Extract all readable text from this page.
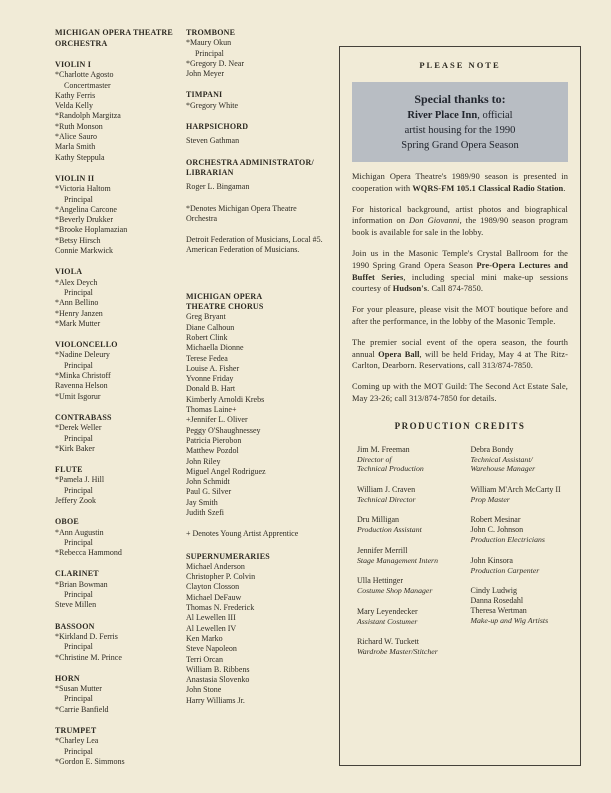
MICHIGAN OPERA THEATRE ORCHESTRA
VIOLIN I
*Charlotte Agosto
Concertmaster
Kathy Ferris
Velda Kelly
*Randolph Margitza
*Ruth Monson
*Alice Sauro
Marla Smith
Kathy Steppula
VIOLIN II
*Victoria Haltom
Principal
*Angelina Carcone
*Beverly Drukker
*Brooke Hoplamazian
*Betsy Hirsch
Connie Markwick
VIOLA
*Alex Deych
Principal
*Ann Bellino
*Henry Janzen
*Mark Mutter
VIOLONCELLO
*Nadine Deleury
Principal
*Minka Christoff
Ravenna Helson
*Umit Isgorur
CONTRABASS
*Derek Weller
Principal
*Kirk Baker
FLUTE
*Pamela J. Hill
Principal
Jeffery Zook
OBOE
*Ann Augustin
Principal
*Rebecca Hammond
CLARINET
*Brian Bowman
Principal
Steve Millen
BASSOON
*Kirkland D. Ferris
Principal
*Christine M. Prince
HORN
*Susan Mutter
Principal
*Carrie Banfield
TRUMPET
*Charley Lea
Principal
*Gordon E. Simmons
TROMBONE
*Maury Okun
Principal
*Gregory D. Near
John Meyer
TIMPANI
*Gregory White
HARPSICHORD
Steven Gathman
ORCHESTRA ADMINISTRATOR/ LIBRARIAN
Roger L. Bingaman
*Denotes Michigan Opera Theatre Orchestra
Detroit Federation of Musicians, Local #5. American Federation of Musicians.
MICHIGAN OPERA THEATRE CHORUS
Greg Bryant
Diane Calhoun
Robert Clink
Michaella Dionne
Terese Fedea
Louise A. Fisher
Yvonne Friday
Donald B. Hart
Kimberly Arnoldi Krebs
Thomas Laine+
+Jennifer L. Oliver
Peggy O'Shaughnessey
Patricia Pierobon
Matthew Pozdol
John Riley
Miguel Angel Rodriguez
John Schmidt
Paul G. Silver
Jay Smith
Judith Szefi
+ Denotes Young Artist Apprentice
SUPERNUMERARIES
Michael Anderson
Christopher P. Colvin
Clayton Closson
Michael DeFauw
Thomas N. Frederick
Al Lewellen III
Al Lewellen IV
Ken Marko
Steve Napoleon
Terri Orcan
William B. Ribbens
Anastasia Slovenko
John Stone
Harry Williams Jr.
PLEASE NOTE
Special thanks to:
River Place Inn, official
artist housing for the 1990
Spring Grand Opera Season

Michigan Opera Theatre's 1989/90 season is presented in cooperation with WQRS-FM 105.1 Classical Radio Station.

For historical background, artist photos and biographical information on Don Giovanni, the 1989/90 season program book is available for sale in the lobby.

Join us in the Masonic Temple's Crystal Ballroom for the 1990 Spring Grand Opera Season Pre-Opera Lectures and Buffet Series, including special mini make-up sessions courtesy of Hudson's. Call 874-7850.

For your pleasure, please visit the MOT boutique before and after the performance, in the lobby of the Masonic Temple.

The premier social event of the opera season, the fourth annual Opera Ball, will be held Friday, May 4 at The Ritz-Carlton, Dearborn. Reservations, call 313/874-7850.

Coming up with the MOT Guild: The Second Act Estate Sale, May 23-26; call 313/874-7850 for details.

PRODUCTION CREDITS
Jim M. Freeman
Director of
Technical Production
William J. Craven
Technical Director
Dru Milligan
Production Assistant
Jennifer Merrill
Stage Management Intern
Ulla Hettinger
Costume Shop Manager
Mary Leyendecker
Assistant Costumer
Richard W. Tuckett
Wardrobe Master/Stitcher
Debra Bondy
Technical Assistant/
Warehouse Manager
William M'Arch McCarty II
Prop Master
Robert Mesinar
John C. Johnson
Production Electricians
John Kinsora
Production Carpenter
Cindy Ludwig
Danna Rosedahl
Theresa Wertman
Make-up and Wig Artists
